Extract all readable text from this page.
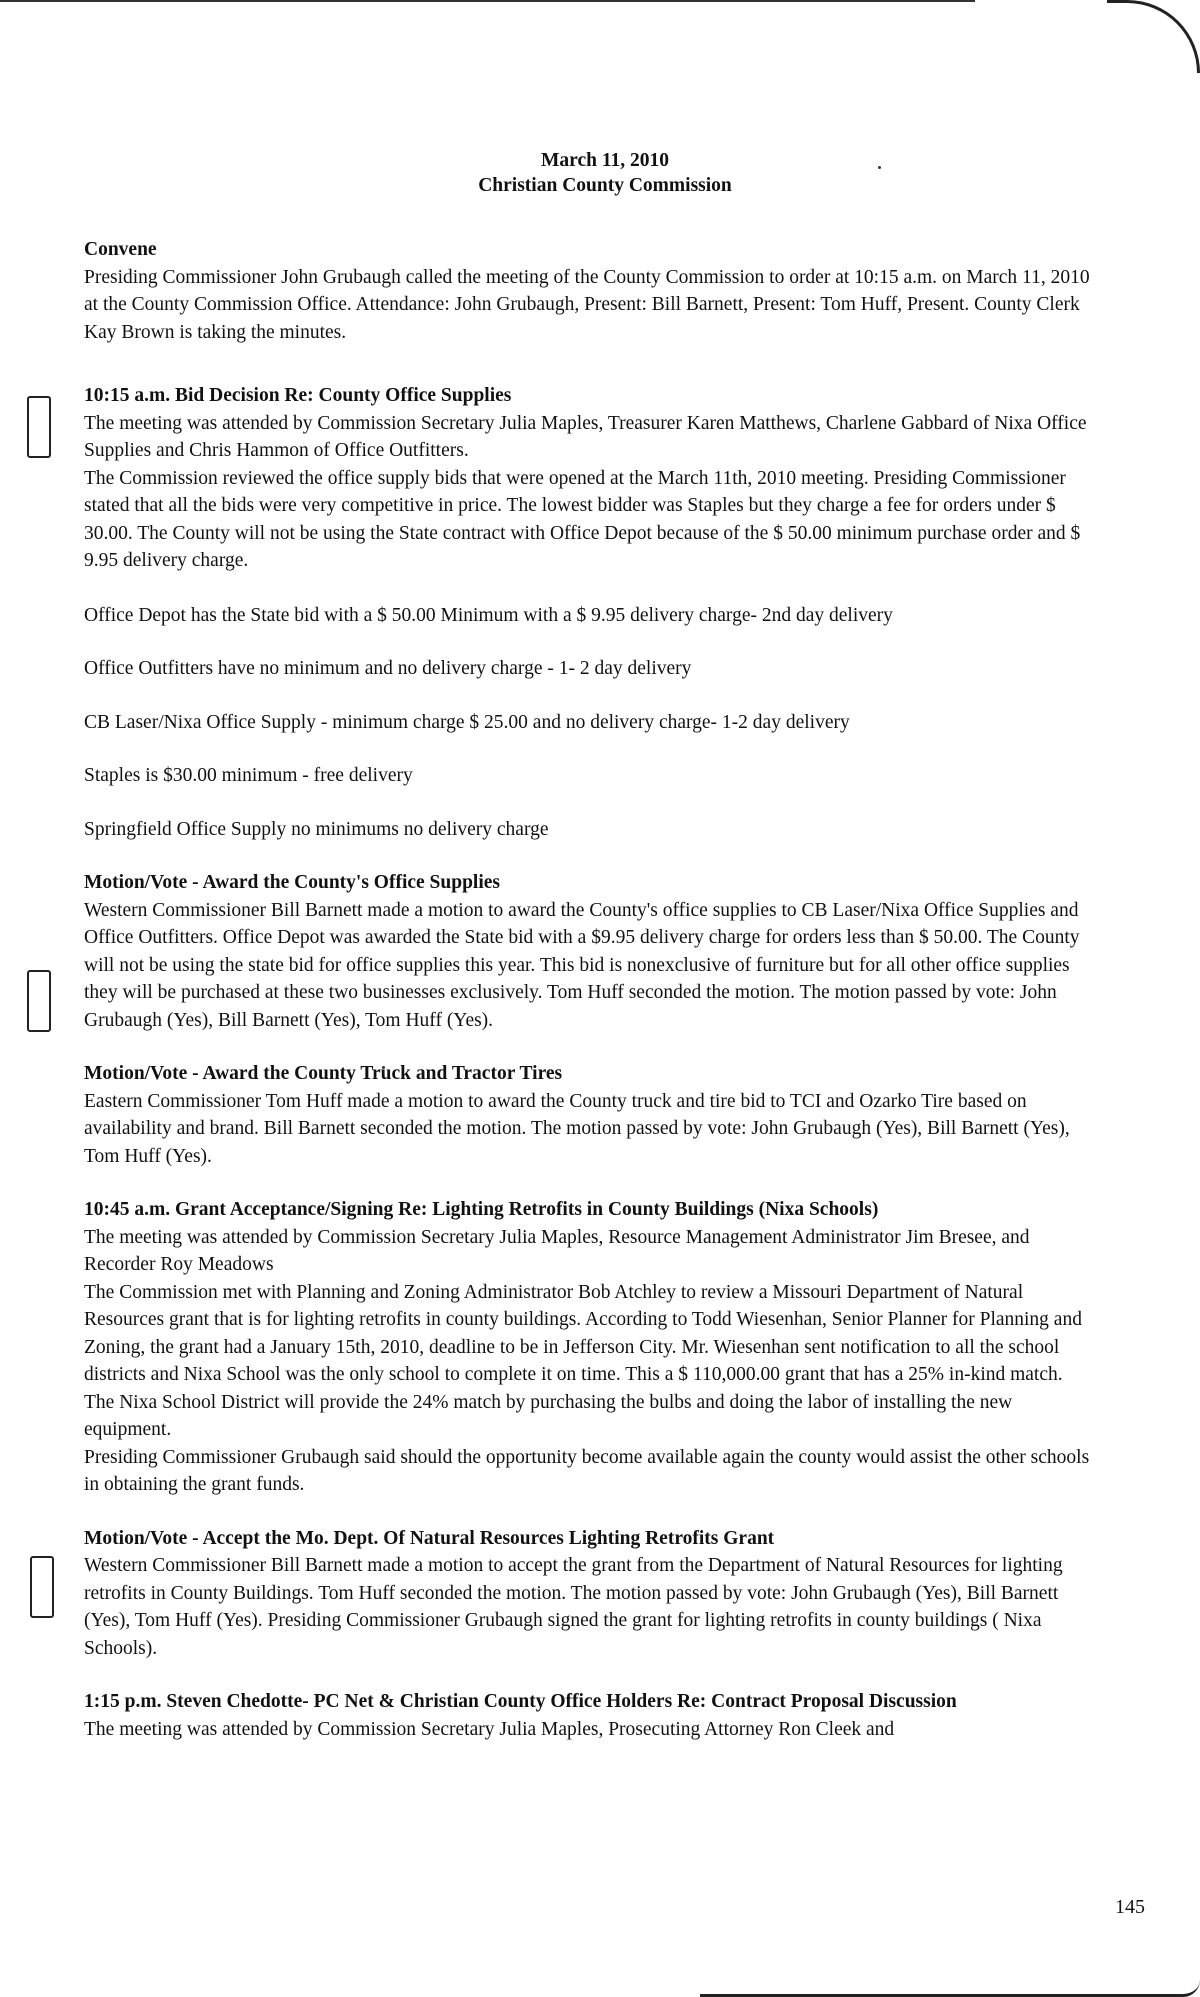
March 11, 2010
Christian County Commission
Convene
Presiding Commissioner John Grubaugh called the meeting of the County Commission to order at 10:15 a.m. on March 11, 2010 at the County Commission Office. Attendance: John Grubaugh, Present: Bill Barnett, Present: Tom Huff, Present. County Clerk Kay Brown is taking the minutes.
10:15 a.m. Bid Decision Re: County Office Supplies
The meeting was attended by Commission Secretary Julia Maples, Treasurer Karen Matthews, Charlene Gabbard of Nixa Office Supplies and Chris Hammon of Office Outfitters.
The Commission reviewed the office supply bids that were opened at the March 11th, 2010 meeting. Presiding Commissioner stated that all the bids were very competitive in price. The lowest bidder was Staples but they charge a fee for orders under $ 30.00. The County will not be using the State contract with Office Depot because of the $ 50.00 minimum purchase order and $ 9.95 delivery charge.
Office Depot has the State bid with a $ 50.00 Minimum with a $ 9.95 delivery charge- 2nd day delivery
Office Outfitters have no minimum and no delivery charge - 1- 2 day delivery
CB Laser/Nixa Office Supply - minimum charge $ 25.00 and no delivery charge- 1-2 day delivery
Staples is $30.00 minimum - free delivery
Springfield Office Supply no minimums no delivery charge
Motion/Vote - Award the County's Office Supplies
Western Commissioner Bill Barnett made a motion to award the County's office supplies to CB Laser/Nixa Office Supplies and Office Outfitters. Office Depot was awarded the State bid with a $9.95 delivery charge for orders less than $ 50.00. The County will not be using the state bid for office supplies this year. This bid is nonexclusive of furniture but for all other office supplies they will be purchased at these two businesses exclusively. Tom Huff seconded the motion. The motion passed by vote: John Grubaugh (Yes), Bill Barnett (Yes), Tom Huff (Yes).
Motion/Vote - Award the County Truck and Tractor Tires
Eastern Commissioner Tom Huff made a motion to award the County truck and tire bid to TCI and Ozarko Tire based on availability and brand. Bill Barnett seconded the motion. The motion passed by vote: John Grubaugh (Yes), Bill Barnett (Yes), Tom Huff (Yes).
10:45 a.m. Grant Acceptance/Signing Re: Lighting Retrofits in County Buildings (Nixa Schools)
The meeting was attended by Commission Secretary Julia Maples, Resource Management Administrator Jim Bresee, and Recorder Roy Meadows
The Commission met with Planning and Zoning Administrator Bob Atchley to review a Missouri Department of Natural Resources grant that is for lighting retrofits in county buildings. According to Todd Wiesenhan, Senior Planner for Planning and Zoning, the grant had a January 15th, 2010, deadline to be in Jefferson City. Mr. Wiesenhan sent notification to all the school districts and Nixa School was the only school to complete it on time. This a $ 110,000.00 grant that has a 25% in-kind match. The Nixa School District will provide the 24% match by purchasing the bulbs and doing the labor of installing the new equipment.
Presiding Commissioner Grubaugh said should the opportunity become available again the county would assist the other schools in obtaining the grant funds.
Motion/Vote - Accept the Mo. Dept. Of Natural Resources Lighting Retrofits Grant
Western Commissioner Bill Barnett made a motion to accept the grant from the Department of Natural Resources for lighting retrofits in County Buildings. Tom Huff seconded the motion. The motion passed by vote: John Grubaugh (Yes), Bill Barnett (Yes), Tom Huff (Yes). Presiding Commissioner Grubaugh signed the grant for lighting retrofits in county buildings ( Nixa Schools).
1:15 p.m. Steven Chedotte- PC Net & Christian County Office Holders Re: Contract Proposal Discussion
The meeting was attended by Commission Secretary Julia Maples, Prosecuting Attorney Ron Cleek and
145
